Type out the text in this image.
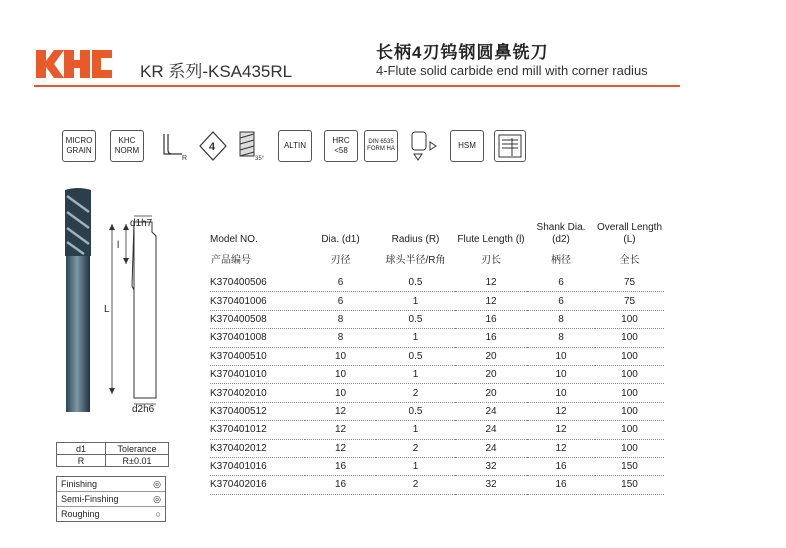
KR 系列-KSA435RL
长柄4刃钨钢圆鼻铣刀
4-Flute solid carbide end mill with corner radius
MICRO
GRAIN
KHC
NORM
R
4
35°
ALTIN
HRC
<58
DIN 6535
FORM HA	HSM
d1h7
d2h6
l
L
Model NO.	Dia. (d1)	Radius (R)	Flute Length (l)	Shank Dia. (d2)	Overall Length (L)
产品编号	刃径	球头半径/R角	刃长	柄径	全长
K370400506	6	0.5	12	6	75
K370401006	6	1	12	6	75
K370400508	8	0.5	16	8	100
K370401008	8	1	16	8	100
K370400510	10	0.5	20	10	100
K370401010	10	1	20	10	100
K370402010	10	2	20	10	100
K370400512	12	0.5	24	12	100
K370401012	12	1	24	12	100
K370402012	12	2	24	12	100
K370401016	16	1	32	16	150
K370402016	16	2	32	16	150
d1	Tolerance
R	R±0.01
Finishing	◎
Semi-Finshing	◎
Roughing	○
